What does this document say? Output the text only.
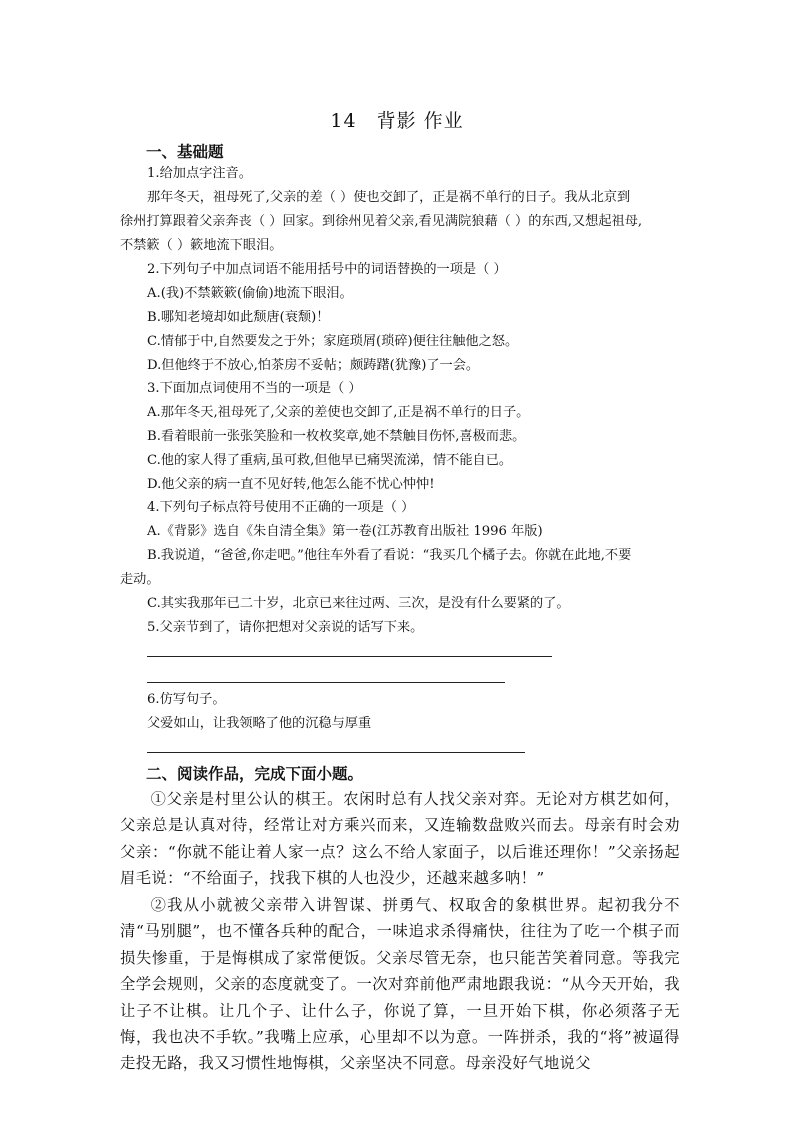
14　背影 作业
一、基础题
1.给加点字注音。
那年冬天，祖母死了,父亲的差（ ）使也交卸了，正是祸不单行的日子。我从北京到
徐州打算跟着父亲奔丧（ ）回家。到徐州见着父亲,看见满院狼藉（ ）的东西,又想起祖母,
不禁簌（ ）簌地流下眼泪。
2.下列句子中加点词语不能用括号中的词语替换的一项是（ ）
A.(我)不禁簌簌(偷偷)地流下眼泪。
B.哪知老境却如此颓唐(衰颓)！
C.情郁于中,自然要发之于外；家庭琐屑(琐碎)便往往触他之怒。
D.但他终于不放心,怕茶房不妥帖；颇踌躇(犹豫)了一会。
3.下面加点词使用不当的一项是（ ）
A.那年冬天,祖母死了,父亲的差使也交卸了,正是祸不单行的日子。
B.看着眼前一张张笑脸和一枚枚奖章,她不禁触目伤怀,喜极而悲。
C.他的家人得了重病,虽可救,但他早已痛哭流涕，情不能自已。
D.他父亲的病一直不见好转,他怎么能不忧心忡忡!
4.下列句子标点符号使用不正确的一项是（ ）
A.《背影》选自《朱自清全集》第一卷(江苏教育出版社 1996 年版)
B.我说道，“爸爸,你走吧。”他往车外看了看说：“我买几个橘子去。你就在此地,不要
走动。
C.其实我那年已二十岁，北京已来往过两、三次，是没有什么要紧的了。
5.父亲节到了，请你把想对父亲说的话写下来。
6.仿写句子。
父爱如山，让我领略了他的沉稳与厚重
二、阅读作品，完成下面小题。
①父亲是村里公认的棋王。农闲时总有人找父亲对弈。无论对方棋艺如何，父亲总是认真对待，经常让对方乘兴而来，又连输数盘败兴而去。母亲有时会劝父亲：“你就不能让着人家一点？这么不给人家面子，以后谁还理你！”父亲扬起眉毛说：“不给面子，找我下棋的人也没少，还越来越多呐！”
②我从小就被父亲带入讲智谋、拼勇气、权取舍的象棋世界。起初我分不清“马别腿”，也不懂各兵种的配合，一味追求杀得痛快，往往为了吃一个棋子而损失惨重，于是悔棋成了家常便饭。父亲尽管无奈，也只能苦笑着同意。等我完全学会规则，父亲的态度就变了。一次对弈前他严肃地跟我说：“从今天开始，我让子不让棋。让几个子、让什么子，你说了算，一旦开始下棋，你必须落子无悔，我也决不手软。”我嘴上应承，心里却不以为意。一阵拼杀，我的“将”被逼得走投无路，我又习惯性地悔棋，父亲坚决不同意。母亲没好气地说父
